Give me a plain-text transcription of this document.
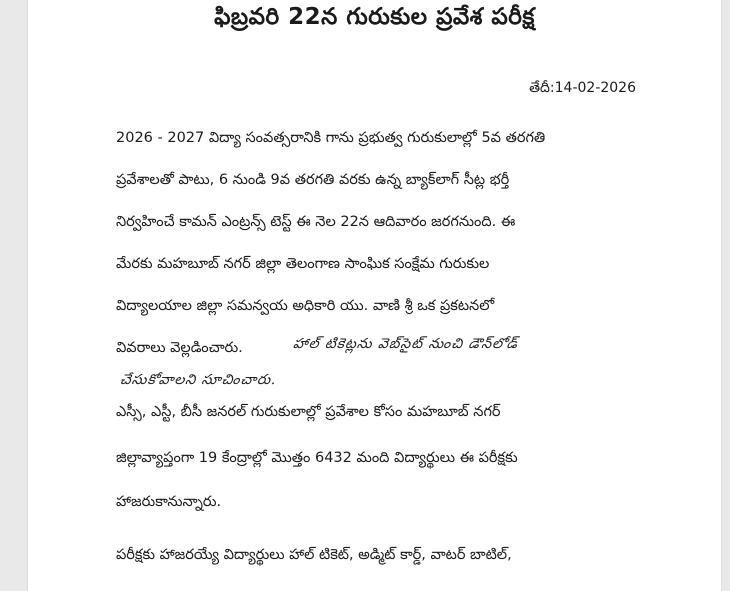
ఫిబ్రవరి 22న గురుకుల ప్రవేశ పరీక్ష
తేదీ:14-02-2026
2026 - 2027 విద్యా సంవత్సరానికి గాను ప్రభుత్వ గురుకులాల్లో 5వ తరగతి
ప్రవేశాలతో పాటు, 6 నుండి 9వ తరగతి వరకు ఉన్న బ్యాక్‌లాగ్ సీట్ల భర్తీ
నిర్వహించే కామన్ ఎంట్రన్స్ టెస్ట్ ఈ నెల 22న ఆదివారం జరగనుంది. ఈ
మేరకు మహబూబ్ నగర్ జిల్లా తెలంగాణ సాంఘిక సంక్షేమ గురుకుల
విద్యాలయాల జిల్లా సమన్వయ అధికారి యు. వాణి శ్రీ ఒక ప్రకటనలో
వివరాలు వెల్లడించారు.	హాల్ టికెట్లను వెబ్‌సైట్ నుంచి డౌన్‌లోడ్
చేసుకోవాలని సూచించారు.
ఎస్సీ, ఎస్టీ, బీసీ జనరల్ గురుకులాల్లో ప్రవేశాల కోసం మహబూబ్ నగర్
జిల్లావ్యాప్తంగా 19 కేంద్రాల్లో మొత్తం 6432 మంది విద్యార్థులు ఈ పరీక్షకు
హాజరుకానున్నారు.
పరీక్షకు హాజరయ్యే విద్యార్థులు హాల్ టికెట్, అడ్మిట్ కార్డ్, వాటర్ బాటిల్,
